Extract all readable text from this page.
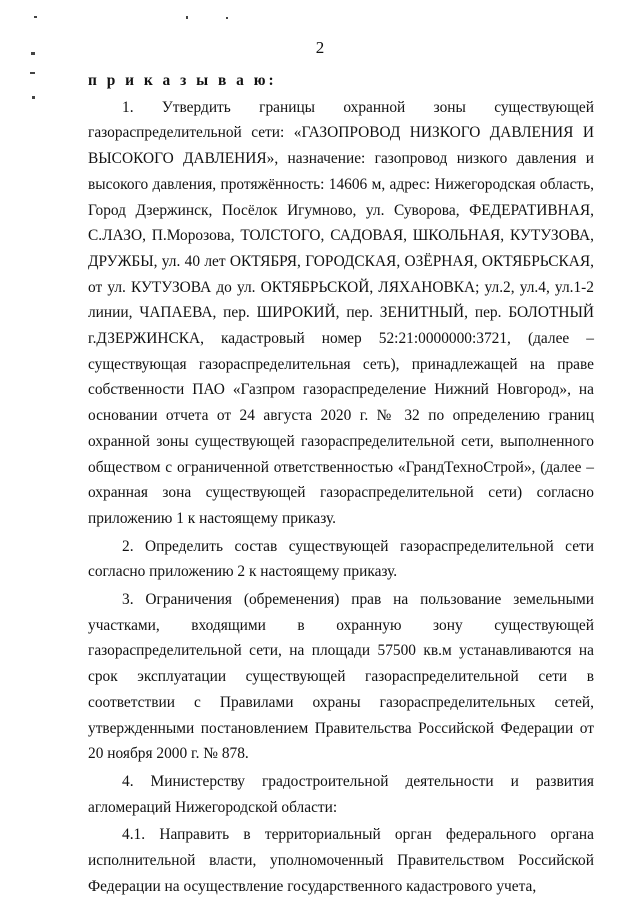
2

п р и к а з ы в а ю:

1. Утвердить границы охранной зоны существующей газораспределительной сети: «ГАЗОПРОВОД НИЗКОГО ДАВЛЕНИЯ И ВЫСОКОГО ДАВЛЕНИЯ», назначение: газопровод низкого давления и высокого давления, протяжённость: 14606 м, адрес: Нижегородская область, Город Дзержинск, Посёлок Игумново, ул. Суворова, ФЕДЕРАТИВНАЯ, С.ЛАЗО, П.Морозова, ТОЛСТОГО, САДОВАЯ, ШКОЛЬНАЯ, КУТУЗОВА, ДРУЖБЫ, ул. 40 лет ОКТЯБРЯ, ГОРОДСКАЯ, ОЗЁРНАЯ, ОКТЯБРЬСКАЯ, от ул. КУТУЗОВА до ул. ОКТЯБРЬСКОЙ, ЛЯХАНОВКА; ул.2, ул.4, ул.1-2 линии, ЧАПАЕВА, пер. ШИРОКИЙ, пер. ЗЕНИТНЫЙ, пер. БОЛОТНЫЙ г.ДЗЕРЖИНСКА, кадастровый номер 52:21:0000000:3721, (далее – существующая газораспределительная сеть), принадлежащей на праве собственности ПАО «Газпром газораспределение Нижний Новгород», на основании отчета от 24 августа 2020 г. № 32 по определению границ охранной зоны существующей газораспределительной сети, выполненного обществом с ограниченной ответственностью «ГрандТехноСтрой», (далее – охранная зона существующей газораспределительной сети) согласно приложению 1 к настоящему приказу.

2. Определить состав существующей газораспределительной сети согласно приложению 2 к настоящему приказу.

3. Ограничения (обременения) прав на пользование земельными участками, входящими в охранную зону существующей газораспределительной сети, на площади 57500 кв.м устанавливаются на срок эксплуатации существующей газораспределительной сети в соответствии с Правилами охраны газораспределительных сетей, утвержденными постановлением Правительства Российской Федерации от 20 ноября 2000 г. № 878.

4. Министерству градостроительной деятельности и развития агломераций Нижегородской области:

4.1. Направить в территориальный орган федерального органа исполнительной власти, уполномоченный Правительством Российской Федерации на осуществление государственного кадастрового учета,
